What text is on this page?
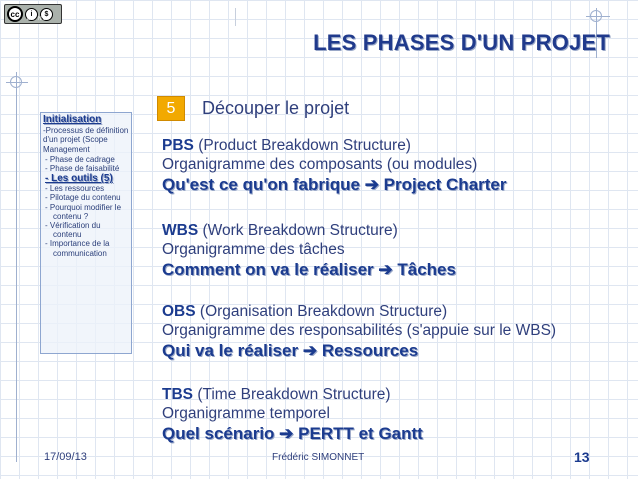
cc	i	$
BY NC
LES PHASES D'UN PROJET
Initialisation
-Processus de définition d'un projet (Scope Management
- Phase de cadrage
- Phase de faisabilité
- Les outils (5)
- Les ressources
- Pilotage du contenu
- Pourquoi modifier le contenu ?
- Vérification du contenu
- Importance de la communication
5	Découper le projet
PBS (Product Breakdown Structure)
Organigramme des composants (ou modules)
Qu'est ce qu'on fabrique ➔ Project Charter
WBS (Work Breakdown Structure)
Organigramme des tâches
Comment on va le réaliser ➔ Tâches
OBS (Organisation Breakdown Structure)
Organigramme des responsabilités (s'appuie sur le WBS)
Qui va le réaliser ➔ Ressources
TBS (Time Breakdown Structure)
Organigramme temporel
Quel scénario ➔ PERTT et Gantt
17/09/13	Frédéric SIMONNET	13
